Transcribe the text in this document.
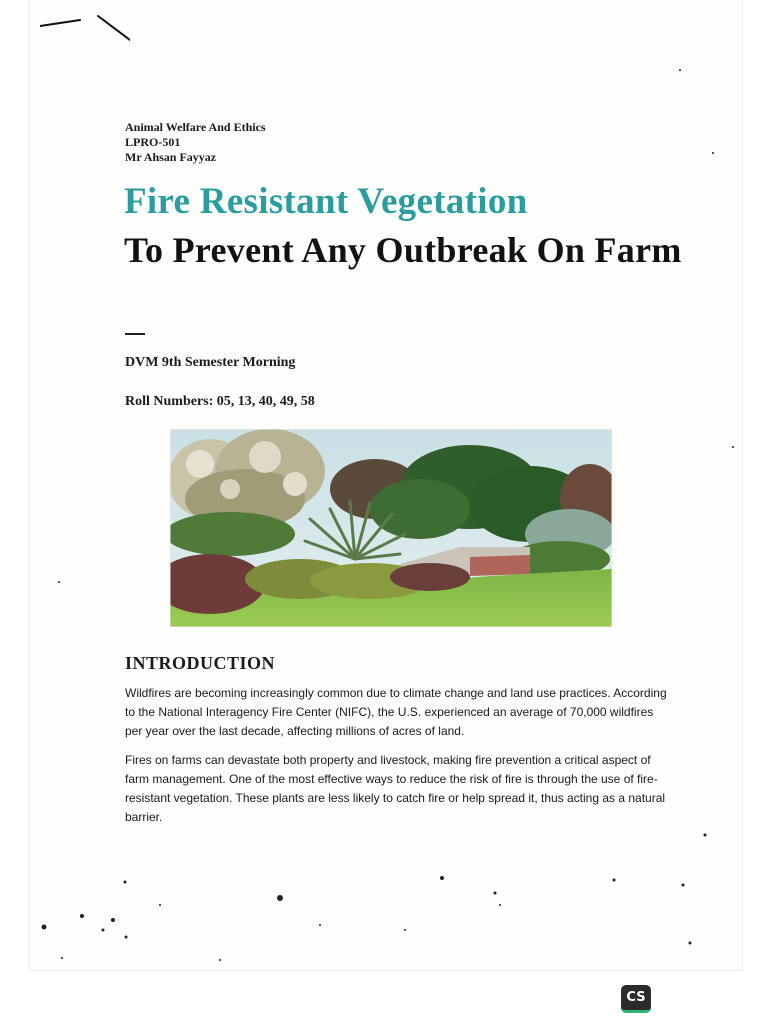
Animal Welfare And Ethics
LPRO-501
Mr Ahsan Fayyaz
Fire Resistant Vegetation
To Prevent Any Outbreak On Farm
DVM 9th Semester Morning
Roll Numbers: 05, 13, 40, 49, 58
INTRODUCTION

Wildfires are becoming increasingly common due to climate change and land use practices. According to the National Interagency Fire Center (NIFC), the U.S. experienced an average of 70,000 wildfires per year over the last decade, affecting millions of acres of land.

Fires on farms can devastate both property and livestock, making fire prevention a critical aspect of farm management. One of the most effective ways to reduce the risk of fire is through the use of fire-resistant vegetation. These plants are less likely to catch fire or help spread it, thus acting as a natural barrier.

CS
